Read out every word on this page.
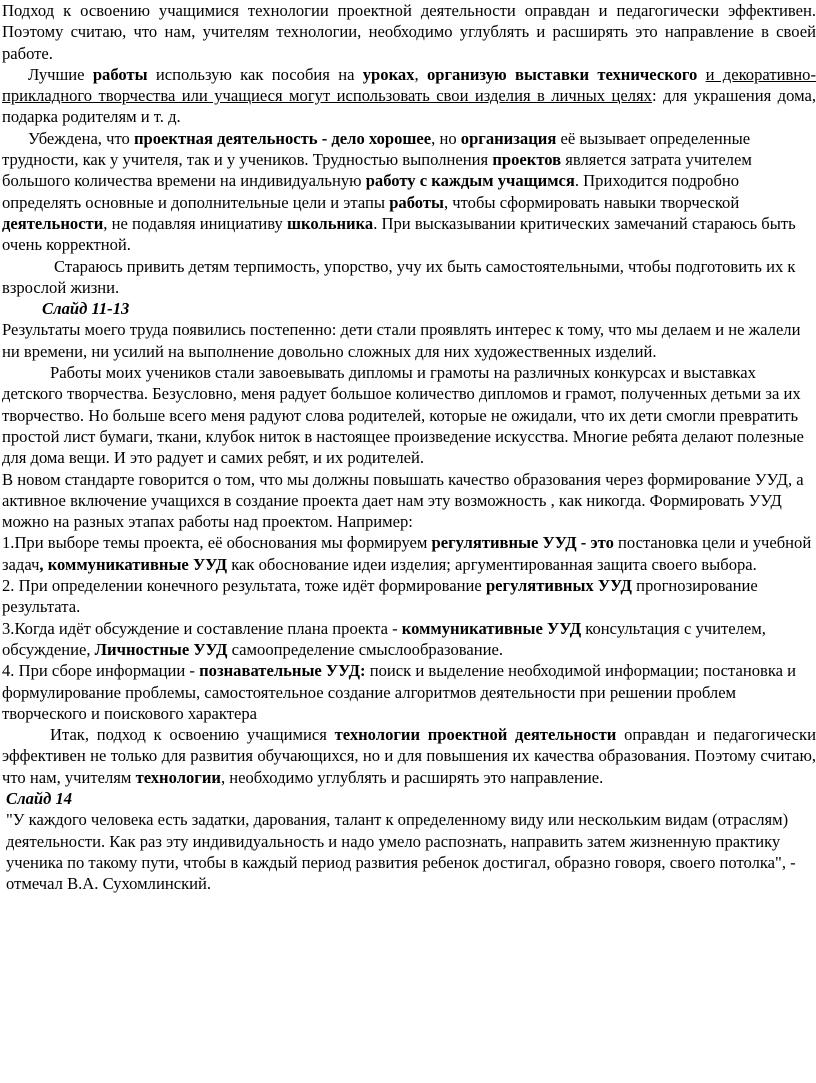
Подход к освоению учащимися технологии проектной деятельности оправдан и педагогически эффективен. Поэтому считаю, что нам, учителям технологии, необходимо углублять и расширять это направление в своей работе.

Лучшие работы использую как пособия на уроках, организую выставки технического и декоративно-прикладного творчества или учащиеся могут использовать свои изделия в личных целях: для украшения дома, подарка родителям и т. д.

Убеждена, что проектная деятельность - дело хорошее, но организация её вызывает определенные трудности, как у учителя, так и у учеников. Трудностью выполнения проектов является затрата учителем большого количества времени на индивидуальную работу с каждым учащимся. Приходится подробно определять основные и дополнительные цели и этапы работы, чтобы сформировать навыки творческой деятельности, не подавляя инициативу школьника. При высказывании критических замечаний стараюсь быть очень корректной.

Стараюсь привить детям терпимость, упорство, учу их быть самостоятельными, чтобы подготовить их к взрослой жизни.

Слайд 11-13

Результаты моего труда появились постепенно: дети стали проявлять интерес к тому, что мы делаем и не жалели ни времени, ни усилий на выполнение довольно сложных для них художественных изделий.

Работы моих учеников стали завоевывать дипломы и грамоты на различных конкурсах и выставках детского творчества. Безусловно, меня радует большое количество дипломов и грамот, полученных детьми за их творчество. Но больше всего меня радуют слова родителей, которые не ожидали, что их дети смогли превратить простой лист бумаги, ткани, клубок ниток в настоящее произведение искусства. Многие ребята делают полезные для дома вещи. И это радует и самих ребят, и их родителей.

В новом стандарте говорится о том, что мы должны повышать качество образования через формирование УУД, а активное включение учащихся в создание проекта дает нам эту возможность , как никогда. Формировать УУД можно на разных этапах работы над проектом. Например:

1.При выборе темы проекта, её обоснования мы формируем регулятивные УУД - это постановка цели и учебной задач, коммуникативные УУД как обоснование идеи изделия; аргументированная защита своего выбора.

2. При определении конечного результата, тоже идёт формирование регулятивных УУД прогнозирование результата.

3.Когда идёт обсуждение и составление плана проекта - коммуникативные УУД консультация с учителем, обсуждение, Личностные УУД самоопределение смыслообразование.

4. При сборе информации - познавательные УУД: поиск и выделение необходимой информации; постановка и формулирование проблемы, самостоятельное создание алгоритмов деятельности при решении проблем творческого и поискового характера

Итак, подход к освоению учащимися технологии проектной деятельности оправдан и педагогически эффективен не только для развития обучающихся, но и для повышения их качества образования. Поэтому считаю, что нам, учителям технологии, необходимо углублять и расширять это направление.

Слайд 14

"У каждого человека есть задатки, дарования, талант к определенному виду или нескольким видам (отраслям) деятельности. Как раз эту индивидуальность и надо умело распознать, направить затем жизненную практику ученика по такому пути, чтобы в каждый период развития ребенок достигал, образно говоря, своего потолка", - отмечал В.А. Сухомлинский.
